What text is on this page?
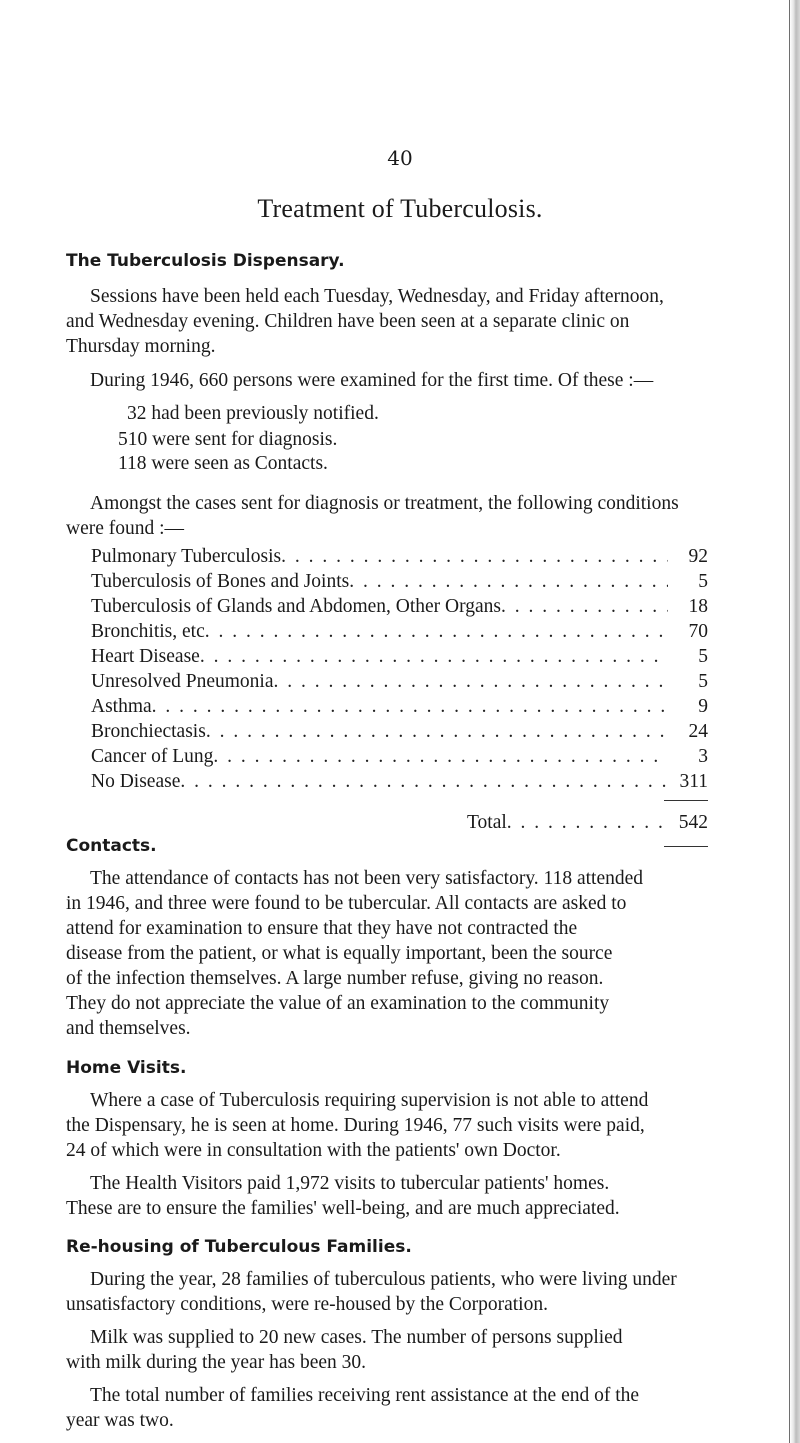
40
Treatment of Tuberculosis.
The Tuberculosis Dispensary.
Sessions have been held each Tuesday, Wednesday, and Friday afternoon,
and Wednesday evening. Children have been seen at a separate clinic on
Thursday morning.
During 1946, 660 persons were examined for the first time. Of these :—
32 had been previously notified.
510 were sent for diagnosis.
118 were seen as Contacts.
Amongst the cases sent for diagnosis or treatment, the following conditions
were found :—
Pulmonary Tuberculosis . . .	92
Tuberculosis of Bones and Joints . . .	5
Tuberculosis of Glands and Abdomen, Other Organs . . .	18
Bronchitis, etc . . .	70
Heart Disease . . .	5
Unresolved Pneumonia . . .	5
Asthma . . .	9
Bronchiectasis . . .	24
Cancer of Lung . . .	3
No Disease . . .	311
Total . . .	542
Contacts.
The attendance of contacts has not been very satisfactory. 118 attended
in 1946, and three were found to be tubercular. All contacts are asked to
attend for examination to ensure that they have not contracted the
disease from the patient, or what is equally important, been the source
of the infection themselves. A large number refuse, giving no reason.
They do not appreciate the value of an examination to the community
and themselves.
Home Visits.
Where a case of Tuberculosis requiring supervision is not able to attend
the Dispensary, he is seen at home. During 1946, 77 such visits were paid,
24 of which were in consultation with the patients' own Doctor.
The Health Visitors paid 1,972 visits to tubercular patients' homes.
These are to ensure the families' well-being, and are much appreciated.
Re-housing of Tuberculous Families.
During the year, 28 families of tuberculous patients, who were living under
unsatisfactory conditions, were re-housed by the Corporation.
Milk was supplied to 20 new cases. The number of persons supplied
with milk during the year has been 30.
The total number of families receiving rent assistance at the end of the
year was two.
